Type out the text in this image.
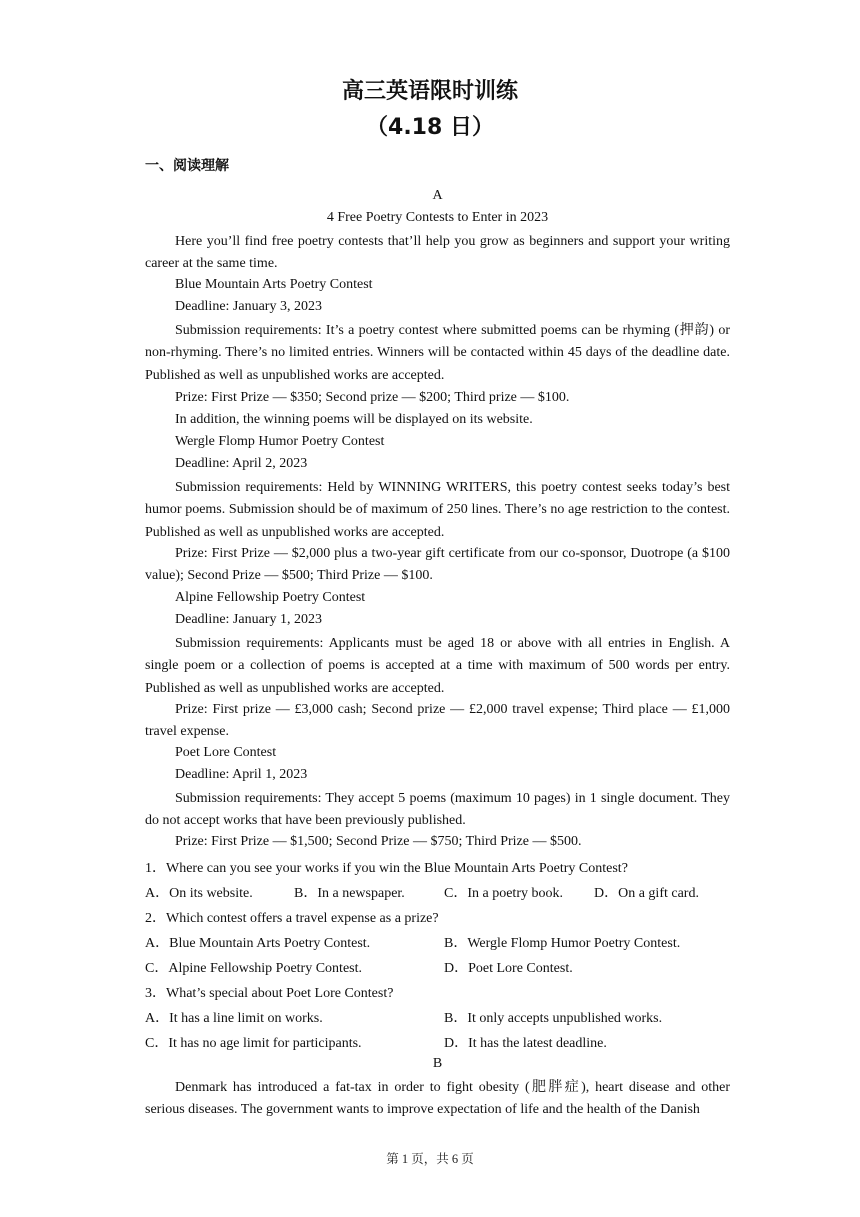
高三英语限时训练
（4.18 日）
一、阅读理解
A
4 Free Poetry Contests to Enter in 2023
Here you’ll find free poetry contests that’ll help you grow as beginners and support your writing career at the same time.
Blue Mountain Arts Poetry Contest
Deadline: January 3, 2023
Submission requirements: It’s a poetry contest where submitted poems can be rhyming (押韵) or non-rhyming. There’s no limited entries. Winners will be contacted within 45 days of the deadline date. Published as well as unpublished works are accepted.
Prize: First Prize — $350; Second prize — $200; Third prize — $100.
In addition, the winning poems will be displayed on its website.
Wergle Flomp Humor Poetry Contest
Deadline: April 2, 2023
Submission requirements: Held by WINNING WRITERS, this poetry contest seeks today’s best humor poems. Submission should be of maximum of 250 lines. There’s no age restriction to the contest. Published as well as unpublished works are accepted.
Prize: First Prize — $2,000 plus a two-year gift certificate from our co-sponsor, Duotrope (a $100 value); Second Prize — $500; Third Prize — $100.
Alpine Fellowship Poetry Contest
Deadline: January 1, 2023
Submission requirements: Applicants must be aged 18 or above with all entries in English. A single poem or a collection of poems is accepted at a time with maximum of 500 words per entry. Published as well as unpublished works are accepted.
Prize: First prize — £3,000 cash; Second prize — £2,000 travel expense; Third place — £1,000 travel expense.
Poet Lore Contest
Deadline: April 1, 2023
Submission requirements: They accept 5 poems (maximum 10 pages) in 1 single document. They do not accept works that have been previously published.
Prize: First Prize — $1,500; Second Prize — $750; Third Prize — $500.
1．Where can you see your works if you win the Blue Mountain Arts Poetry Contest?
A．On its website.	B．In a newspaper.	C．In a poetry book. D．On a gift card.
2．Which contest offers a travel expense as a prize?
A．Blue Mountain Arts Poetry Contest.	B．Wergle Flomp Humor Poetry Contest.
C．Alpine Fellowship Poetry Contest.	D．Poet Lore Contest.
3．What’s special about Poet Lore Contest?
A．It has a line limit on works.	B．It only accepts unpublished works.
C．It has no age limit for participants.	D．It has the latest deadline.
B
Denmark has introduced a fat-tax in order to fight obesity (肥胖症), heart disease and other serious diseases. The government wants to improve expectation of life and the health of the Danish
第 1 页，共 6 页
